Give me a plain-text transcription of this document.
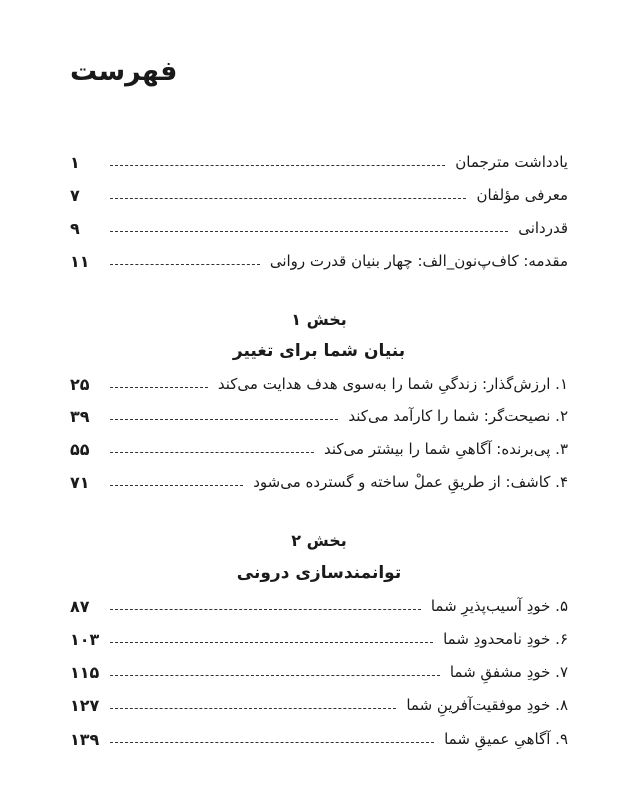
فهرست
یادداشت مترجمان
۱
معرفی مؤلفان
۷
قدردانی
۹
مقدمه: کاف‌پ‌نون_الف: چهار بنیان قدرت روانی
۱۱
بخش ۱
بنیان شما برای تغییر
۱. ارزش‌گذار: زندگیِ شما را به‌سوی هدف هدایت می‌کند
۲۵
۲. نصیحت‌گر: شما را کارآمد می‌کند
۳۹
۳. پی‌برنده: آگاهیِ شما را بیشتر می‌کند
۵۵
۴. کاشف: از طریقِ عملْ ساخته و گسترده می‌شود
۷۱
بخش ۲
توانمندسازی درونی
۵. خودِ آسیب‌پذیرِ شما
۸۷
۶. خودِ نامحدودِ شما
۱۰۳
۷. خودِ مشفقِ شما
۱۱۵
۸. خودِ موفقیت‌آفرینِ شما
۱۲۷
۹. آگاهیِ عمیقِ شما
۱۳۹
